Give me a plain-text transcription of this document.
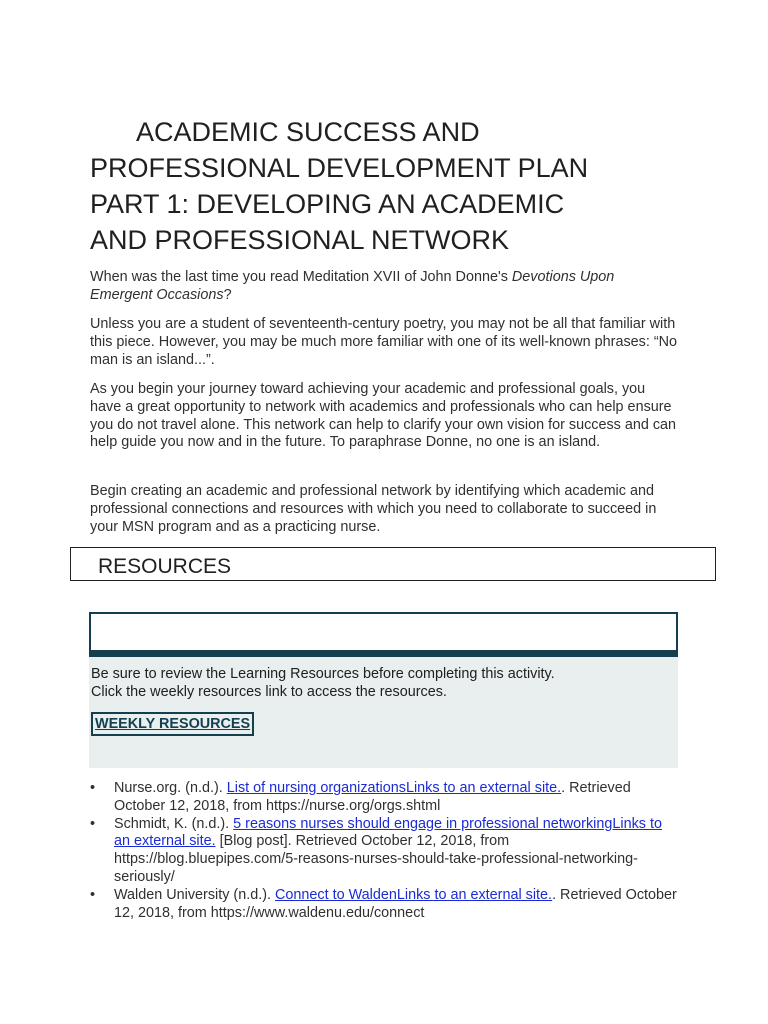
ACADEMIC SUCCESS AND
PROFESSIONAL DEVELOPMENT PLAN
PART 1: DEVELOPING AN ACADEMIC
AND PROFESSIONAL NETWORK

When was the last time you read Meditation XVII of John Donne's Devotions Upon Emergent Occasions?

Unless you are a student of seventeenth-century poetry, you may not be all that familiar with this piece. However, you may be much more familiar with one of its well-known phrases: “No man is an island...”.

As you begin your journey toward achieving your academic and professional goals, you have a great opportunity to network with academics and professionals who can help ensure you do not travel alone. This network can help to clarify your own vision for success and can help guide you now and in the future. To paraphrase Donne, no one is an island.

Begin creating an academic and professional network by identifying which academic and professional connections and resources with which you need to collaborate to succeed in your MSN program and as a practicing nurse.

RESOURCES

Be sure to review the Learning Resources before completing this activity.
Click the weekly resources link to access the resources.

WEEKLY RESOURCES
• Nurse.org. (n.d.). List of nursing organizationsLinks to an external site.. Retrieved October 12, 2018, from https://nurse.org/orgs.shtml
• Schmidt, K. (n.d.). 5 reasons nurses should engage in professional networkingLinks to an external site. [Blog post]. Retrieved October 12, 2018, from https://blog.bluepipes.com/5-reasons-nurses-should-take-professional-networking-seriously/
• Walden University (n.d.). Connect to WaldenLinks to an external site.. Retrieved October 12, 2018, from https://www.waldenu.edu/connect
